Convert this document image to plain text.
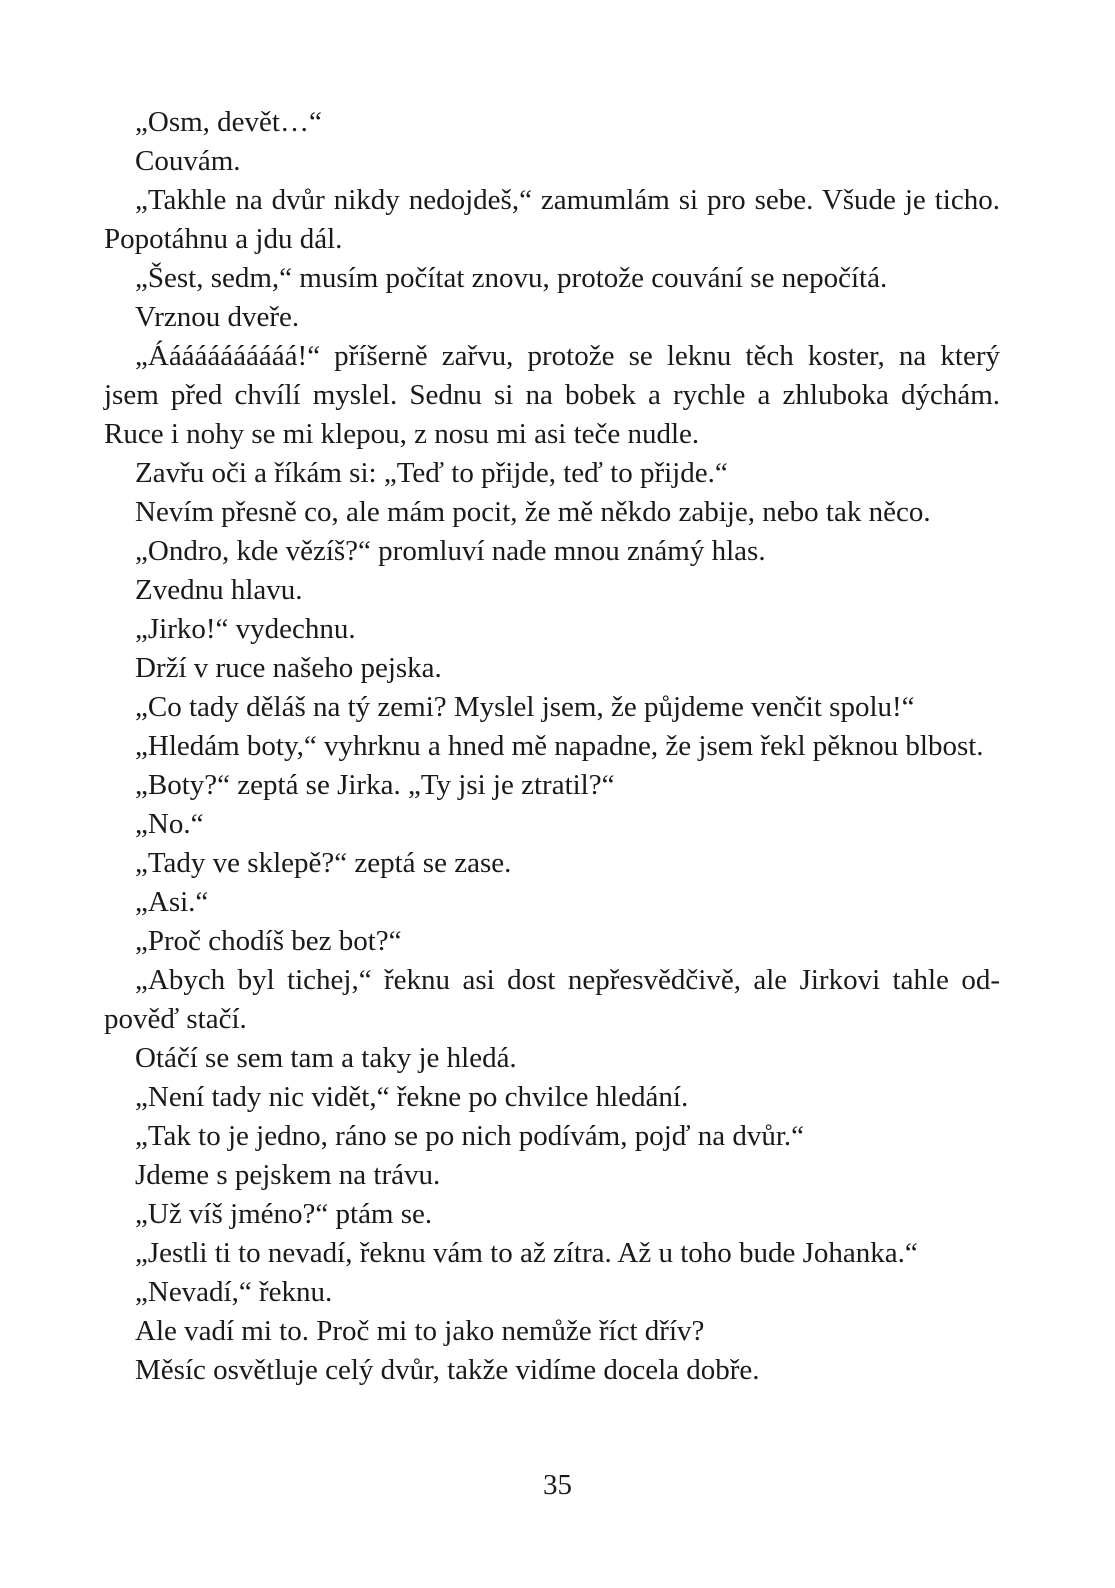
„Osm, devět…“

Couvám.

„Takhle na dvůr nikdy nedojdeš,“ zamumlám si pro sebe. Všude je ticho. Popotáhnu a jdu dál.

„Šest, sedm,“ musím počítat znovu, protože couvání se nepočítá.

Vrznou dveře.

„Ááááááááááá!“ příšerně zařvu, protože se leknu těch koster, na který jsem před chvílí myslel. Sednu si na bobek a rychle a zhluboka dýchám. Ruce i nohy se mi klepou, z nosu mi asi teče nudle.

Zavřu oči a říkám si: „Teď to přijde, teď to přijde.“

Nevím přesně co, ale mám pocit, že mě někdo zabije, nebo tak něco.

„Ondro, kde vězíš?“ promluví nade mnou známý hlas.

Zvednu hlavu.

„Jirko!“ vydechnu.

Drží v ruce našeho pejska.

„Co tady děláš na tý zemi? Myslel jsem, že půjdeme venčit spolu!“

„Hledám boty,“ vyhrknu a hned mě napadne, že jsem řekl pěknou blbost.

„Boty?“ zeptá se Jirka. „Ty jsi je ztratil?“

„No.“

„Tady ve sklepě?“ zeptá se zase.

„Asi.“

„Proč chodíš bez bot?“

„Abych byl tichej,“ řeknu asi dost nepřesvědčivě, ale Jirkovi tahle odpověď stačí.

Otáčí se sem tam a taky je hledá.

„Není tady nic vidět,“ řekne po chvilce hledání.

„Tak to je jedno, ráno se po nich podívám, pojď na dvůr.“

Jdeme s pejskem na trávu.

„Už víš jméno?“ ptám se.

„Jestli ti to nevadí, řeknu vám to až zítra. Až u toho bude Johanka.“

„Nevadí,“ řeknu.

Ale vadí mi to. Proč mi to jako nemůže říct dřív?

Měsíc osvětluje celý dvůr, takže vidíme docela dobře.

35
